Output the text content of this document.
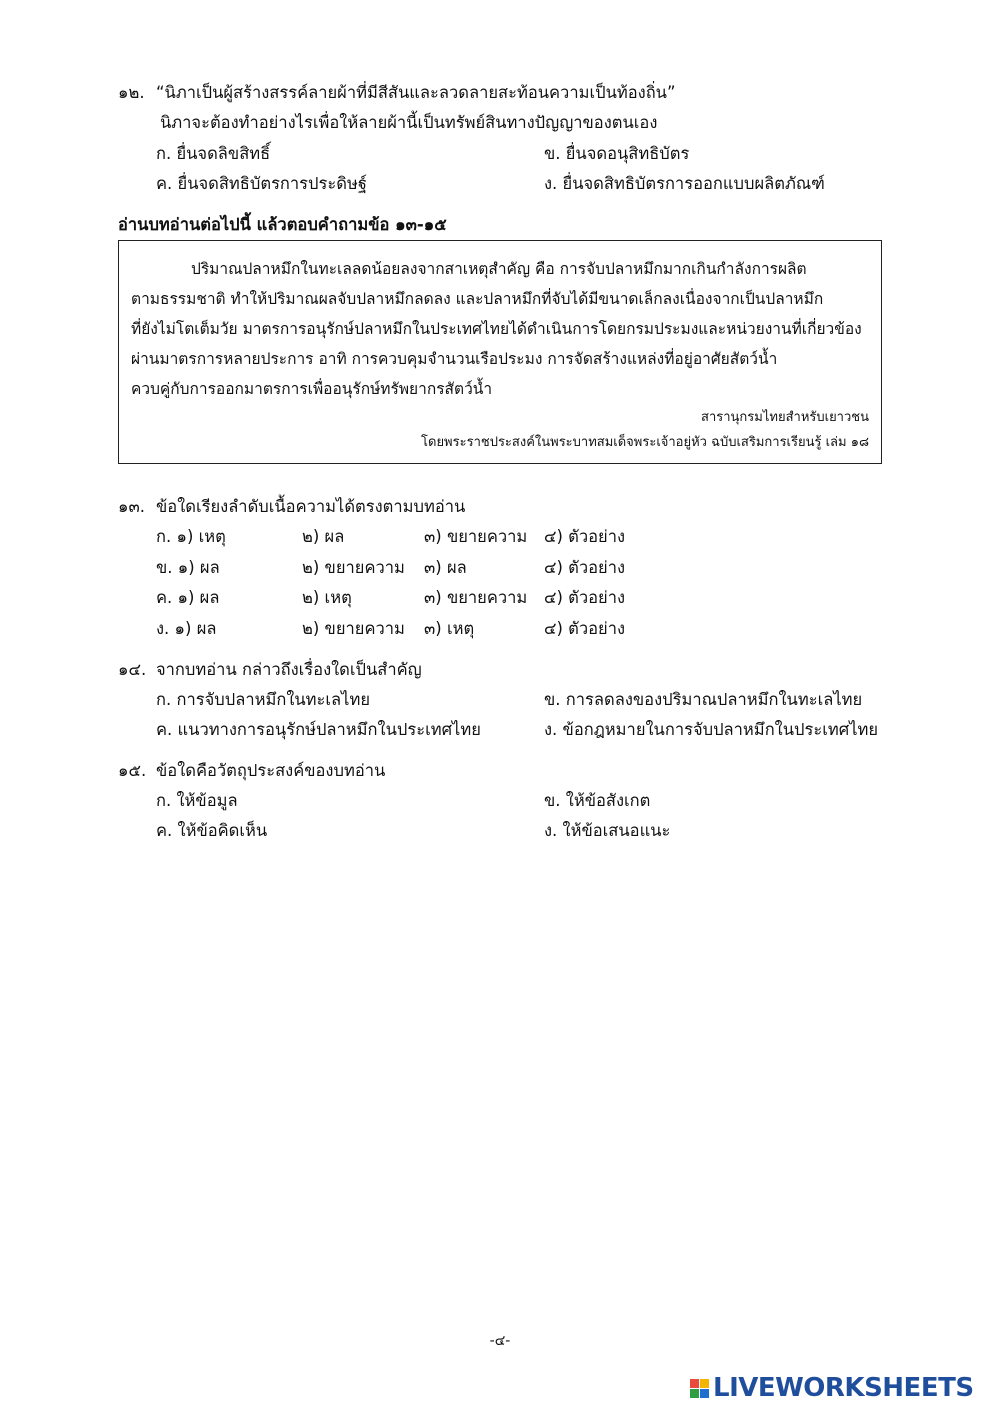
๑๒. “นิภาเป็นผู้สร้างสรรค์ลายผ้าที่มีสีสันและลวดลายสะท้อนความเป็นท้องถิ่น”
นิภาจะต้องทำอย่างไรเพื่อให้ลายผ้านี้เป็นทรัพย์สินทางปัญญาของตนเอง
ก. ยื่นจดลิขสิทธิ์	ข. ยื่นจดอนุสิทธิบัตร
ค. ยื่นจดสิทธิบัตรการประดิษฐ์	ง. ยื่นจดสิทธิบัตรการออกแบบผลิตภัณฑ์
อ่านบทอ่านต่อไปนี้ แล้วตอบคำถามข้อ ๑๓-๑๕
ปริมาณปลาหมึกในทะเลลดน้อยลงจากสาเหตุสำคัญ คือ การจับปลาหมึกมากเกินกำลังการผลิต
ตามธรรมชาติ ทำให้ปริมาณผลจับปลาหมึกลดลง และปลาหมึกที่จับได้มีขนาดเล็กลงเนื่องจากเป็นปลาหมึก
ที่ยังไม่โตเต็มวัย มาตรการอนุรักษ์ปลาหมึกในประเทศไทยได้ดำเนินการโดยกรมประมงและหน่วยงานที่เกี่ยวข้อง
ผ่านมาตรการหลายประการ อาทิ การควบคุมจำนวนเรือประมง การจัดสร้างแหล่งที่อยู่อาศัยสัตว์น้ำ
ควบคู่กับการออกมาตรการเพื่ออนุรักษ์ทรัพยากรสัตว์น้ำ
สารานุกรมไทยสำหรับเยาวชน
โดยพระราชประสงค์ในพระบาทสมเด็จพระเจ้าอยู่หัว ฉบับเสริมการเรียนรู้ เล่ม ๑๘
๑๓. ข้อใดเรียงลำดับเนื้อความได้ตรงตามบทอ่าน
ก. ๑) เหตุ	๒) ผล	๓) ขยายความ ๔) ตัวอย่าง
ข. ๑) ผล	๒) ขยายความ ๓) ผล	๔) ตัวอย่าง
ค. ๑) ผล	๒) เหตุ	๓) ขยายความ ๔) ตัวอย่าง
ง. ๑) ผล	๒) ขยายความ ๓) เหตุ	๔) ตัวอย่าง
๑๔. จากบทอ่าน กล่าวถึงเรื่องใดเป็นสำคัญ
ก. การจับปลาหมึกในทะเลไทย	ข. การลดลงของปริมาณปลาหมึกในทะเลไทย
ค. แนวทางการอนุรักษ์ปลาหมึกในประเทศไทย	ง. ข้อกฎหมายในการจับปลาหมึกในประเทศไทย
๑๕. ข้อใดคือวัตถุประสงค์ของบทอ่าน
ก. ให้ข้อมูล	ข. ให้ข้อสังเกต
ค. ให้ข้อคิดเห็น	ง. ให้ข้อเสนอแนะ
-๔-
LIVEWORKSHEETS
